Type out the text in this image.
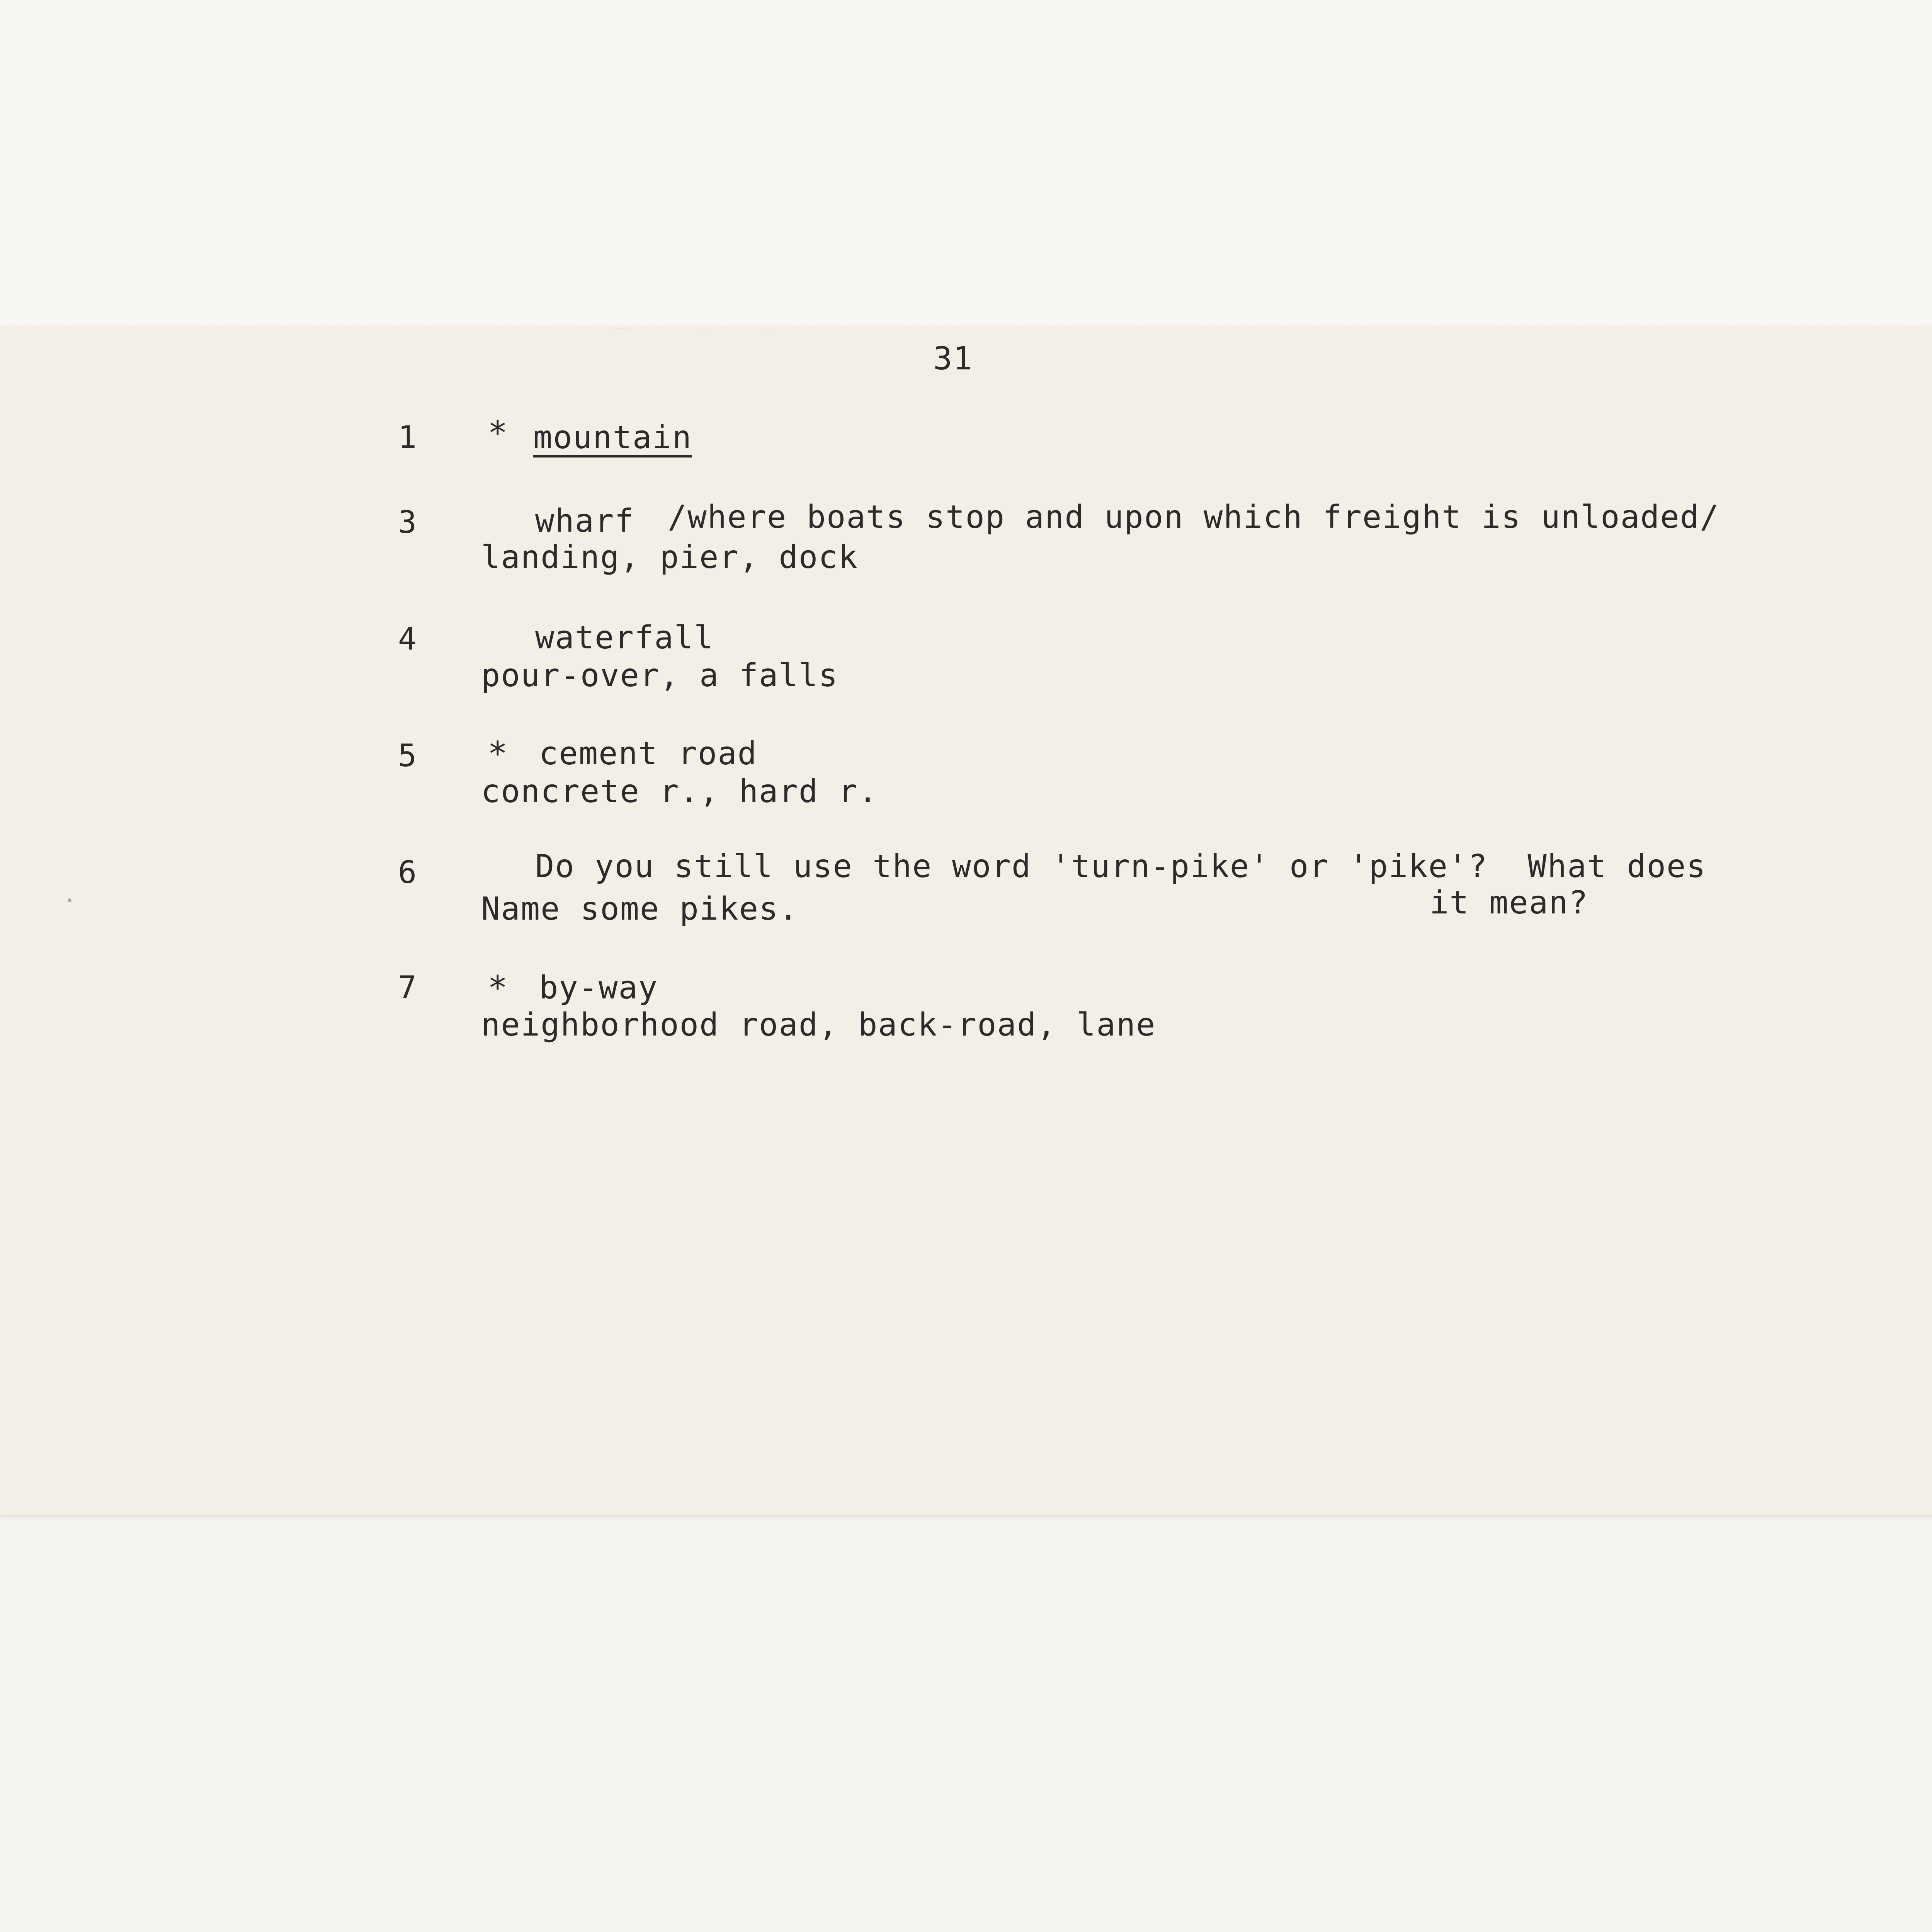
31
1 * mountain
3	wharf /where boats stop and upon which freight is unloaded/
landing, pier, dock
4	waterfall
pour-over, a falls
5 * cement road
concrete r., hard r.
6	Do you still use the word 'turn-pike' or 'pike'?  What does
Name some pikes.	it mean?
7 * by-way
neighborhood road, back-road, lane
